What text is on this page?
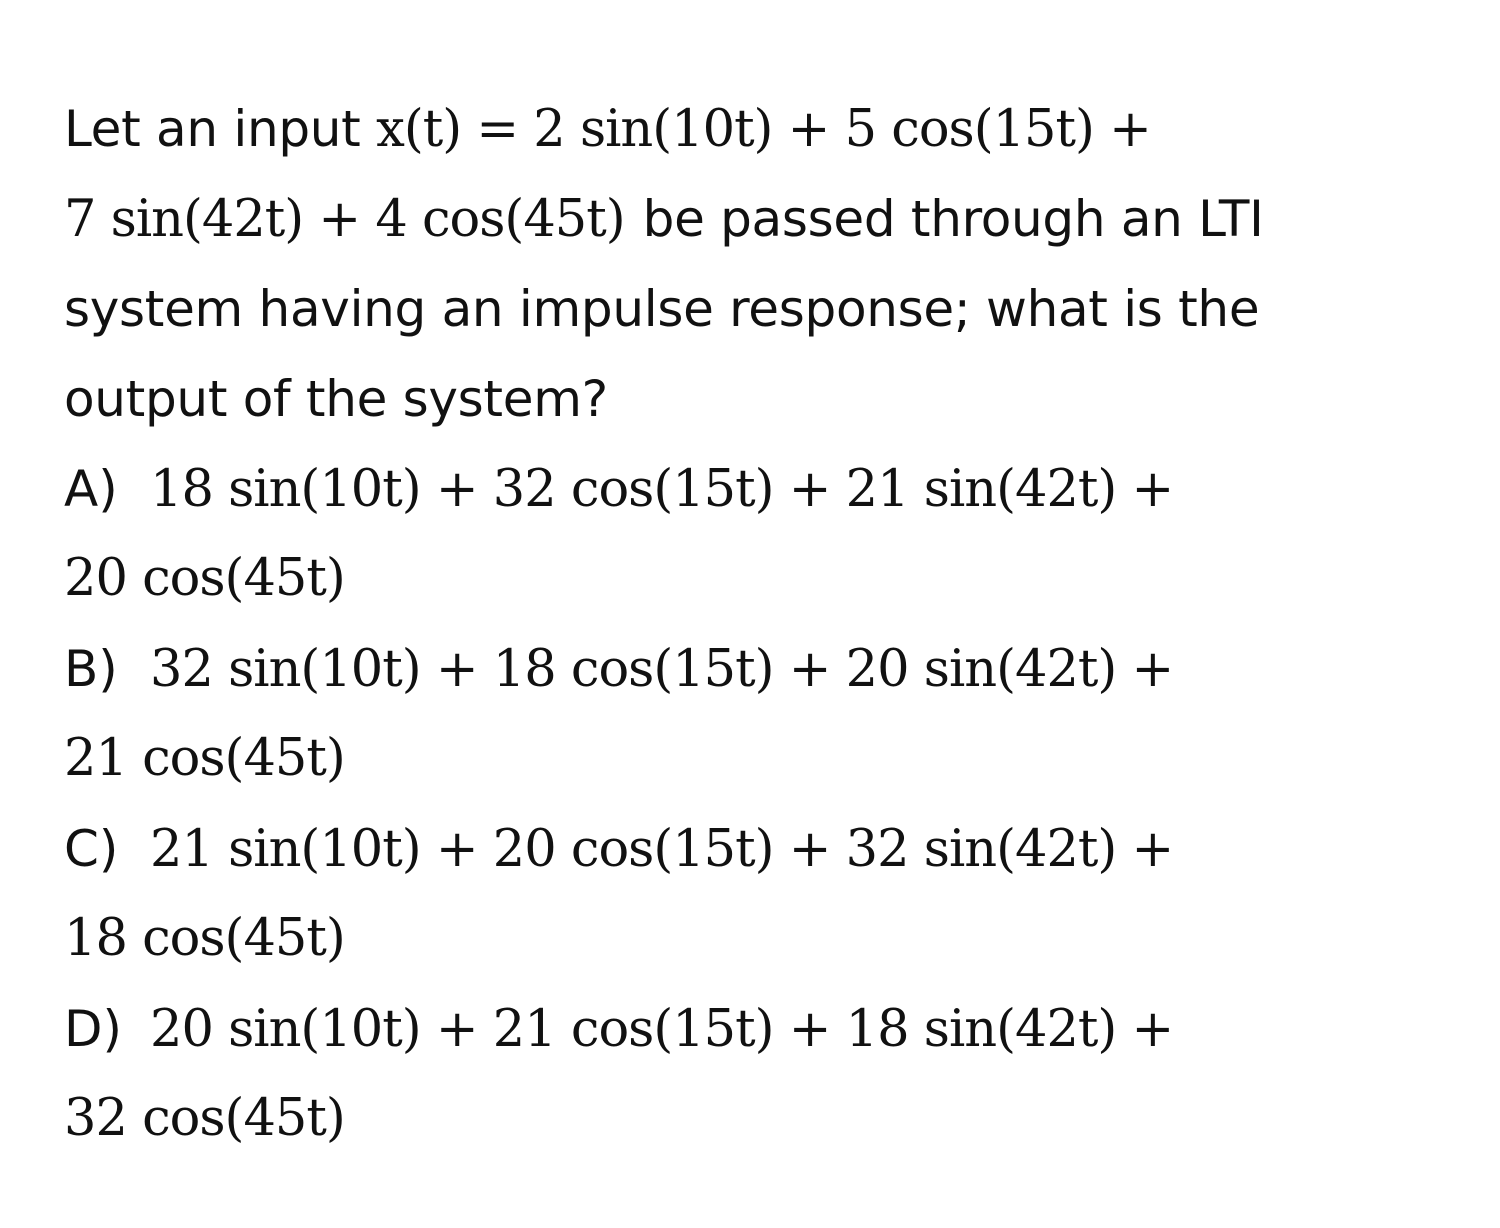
Let an input x(t) = 2 sin(10t) + 5 cos(15t) +
7 sin(42t) + 4 cos(45t) be passed through an LTI
system having an impulse response; what is the
output of the system?
A) 18 sin(10t) + 32 cos(15t) + 21 sin(42t) +
20 cos(45t)
B) 32 sin(10t) + 18 cos(15t) + 20 sin(42t) +
21 cos(45t)
C) 21 sin(10t) + 20 cos(15t) + 32 sin(42t) +
18 cos(45t)
D) 20 sin(10t) + 21 cos(15t) + 18 sin(42t) +
32 cos(45t)
